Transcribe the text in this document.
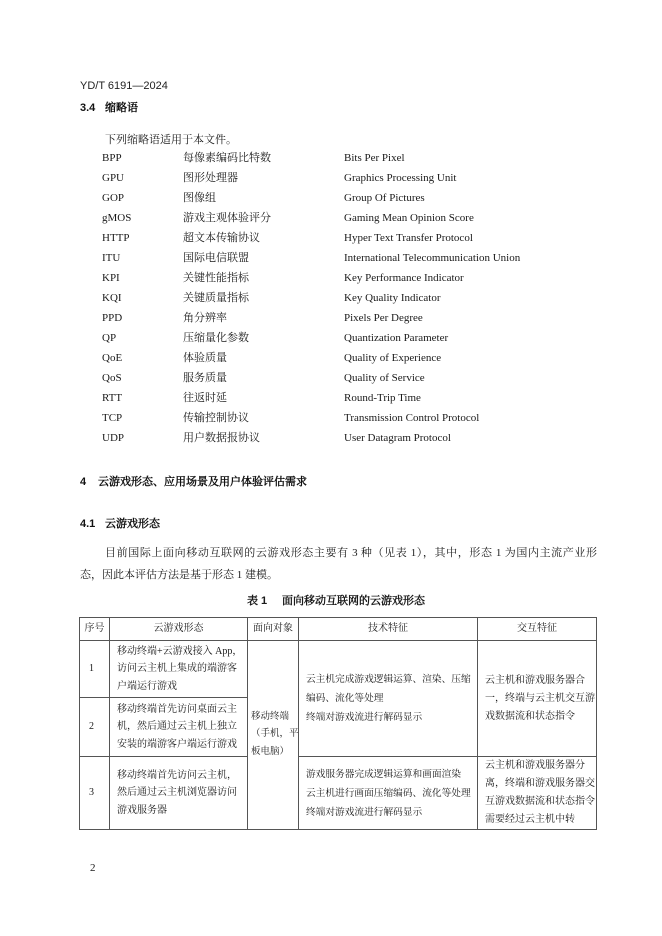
YD/T 6191—2024
3.4 缩略语
下列缩略语适用于本文件。
BPP	每像素编码比特数	Bits Per Pixel
GPU	图形处理器	Graphics Processing Unit
GOP	图像组	Group Of Pictures
gMOS	游戏主观体验评分	Gaming Mean Opinion Score
HTTP	超文本传输协议	Hyper Text Transfer Protocol
ITU	国际电信联盟	International Telecommunication Union
KPI	关键性能指标	Key Performance Indicator
KQI	关键质量指标	Key Quality Indicator
PPD	角分辨率	Pixels Per Degree
QP	压缩量化参数	Quantization Parameter
QoE	体验质量	Quality of Experience
QoS	服务质量	Quality of Service
RTT	往返时延	Round-Trip Time
TCP	传输控制协议	Transmission Control Protocol
UDP	用户数据报协议	User Datagram Protocol
4 云游戏形态、应用场景及用户体验评估需求
4.1 云游戏形态
目前国际上面向移动互联网的云游戏形态主要有 3 种（见表 1），其中，形态 1 为国内主流产业形
态，因此本评估方法是基于形态 1 建模。
表 1 面向移动互联网的云游戏形态
序号	云游戏形态	面向对象	技术特征	交互特征
1	移动终端+云游戏接入 App，
访问云主机上集成的端游客
户端运行游戏	移动终端
（手机，平
板电脑）	云主机完成游戏逻辑运算、渲染、压缩
编码、流化等处理
终端对游戏流进行解码显示	云主机和游戏服务器合
一，终端与云主机交互游
戏数据流和状态指令

2	移动终端首先访问桌面云主
机，然后通过云主机上独立
安装的端游客户端运行游戏			

3	移动终端首先访问云主机，
然后通过云主机浏览器访问
游戏服务器		游戏服务器完成逻辑运算和画面渲染
云主机进行画面压缩编码、流化等处理
终端对游戏流进行解码显示	云主机和游戏服务器分
离，终端和游戏服务器交
互游戏数据流和状态指令
需要经过云主机中转
2
